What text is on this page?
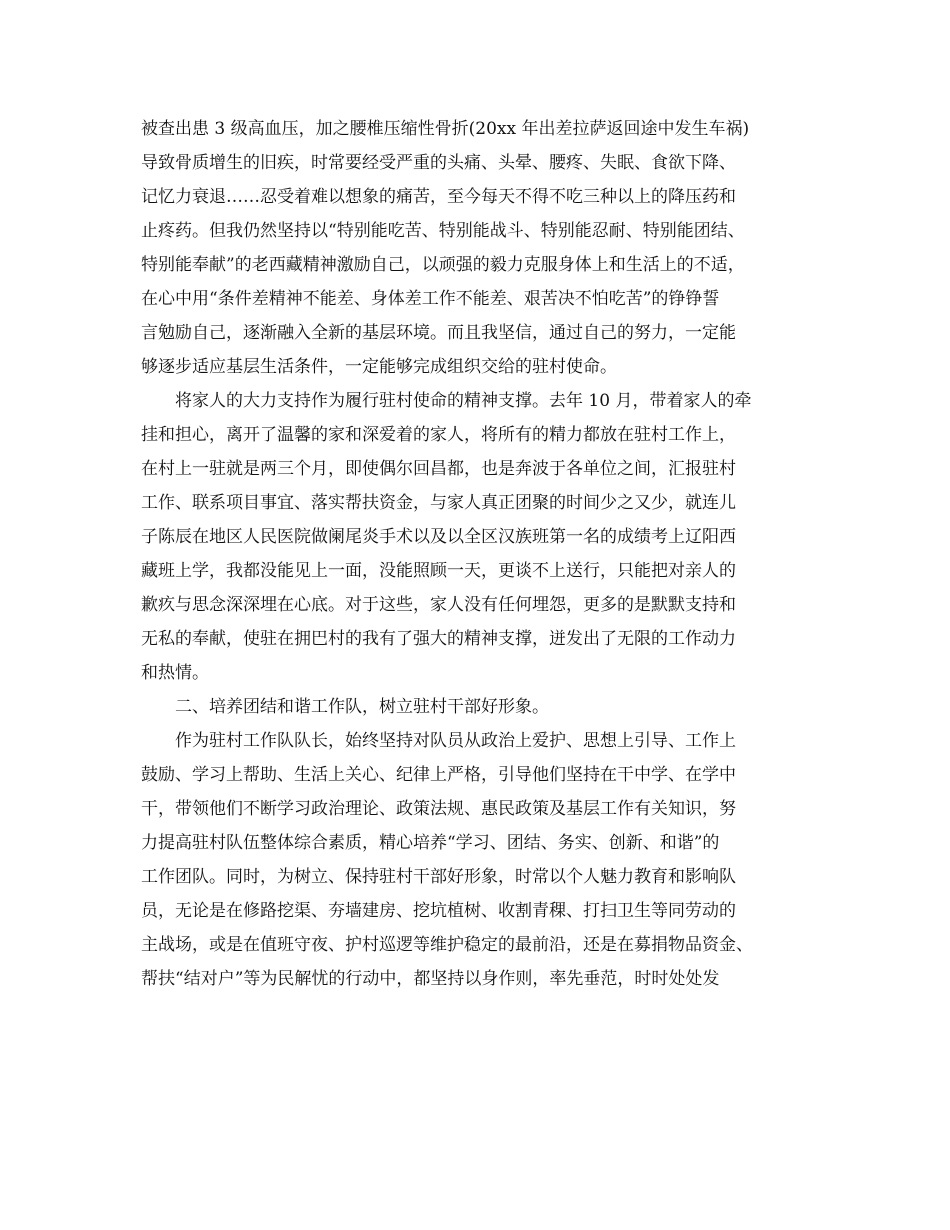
被查出患 3 级高血压，加之腰椎压缩性骨折(20xx 年出差拉萨返回途中发生车祸)
导致骨质增生的旧疾，时常要经受严重的头痛、头晕、腰疼、失眠、食欲下降、
记忆力衰退……忍受着难以想象的痛苦，至今每天不得不吃三种以上的降压药和
止疼药。但我仍然坚持以“特别能吃苦、特别能战斗、特别能忍耐、特别能团结、
特别能奉献”的老西藏精神激励自己，以顽强的毅力克服身体上和生活上的不适，
在心中用“条件差精神不能差、身体差工作不能差、艰苦决不怕吃苦”的铮铮誓
言勉励自己，逐渐融入全新的基层环境。而且我坚信，通过自己的努力，一定能
够逐步适应基层生活条件，一定能够完成组织交给的驻村使命。
　　将家人的大力支持作为履行驻村使命的精神支撑。去年 10 月，带着家人的牵
挂和担心，离开了温馨的家和深爱着的家人，将所有的精力都放在驻村工作上，
在村上一驻就是两三个月，即使偶尔回昌都，也是奔波于各单位之间，汇报驻村
工作、联系项目事宜、落实帮扶资金，与家人真正团聚的时间少之又少，就连儿
子陈辰在地区人民医院做阑尾炎手术以及以全区汉族班第一名的成绩考上辽阳西
藏班上学，我都没能见上一面，没能照顾一天，更谈不上送行，只能把对亲人的
歉疚与思念深深埋在心底。对于这些，家人没有任何埋怨，更多的是默默支持和
无私的奉献，使驻在拥巴村的我有了强大的精神支撑，迸发出了无限的工作动力
和热情。
　　二、培养团结和谐工作队，树立驻村干部好形象。
　　作为驻村工作队队长，始终坚持对队员从政治上爱护、思想上引导、工作上
鼓励、学习上帮助、生活上关心、纪律上严格，引导他们坚持在干中学、在学中
干，带领他们不断学习政治理论、政策法规、惠民政策及基层工作有关知识，努
力提高驻村队伍整体综合素质，精心培养“学习、团结、务实、创新、和谐”的
工作团队。同时，为树立、保持驻村干部好形象，时常以个人魅力教育和影响队
员，无论是在修路挖渠、夯墙建房、挖坑植树、收割青稞、打扫卫生等同劳动的
主战场，或是在值班守夜、护村巡逻等维护稳定的最前沿，还是在募捐物品资金、
帮扶“结对户”等为民解忧的行动中，都坚持以身作则，率先垂范，时时处处发
